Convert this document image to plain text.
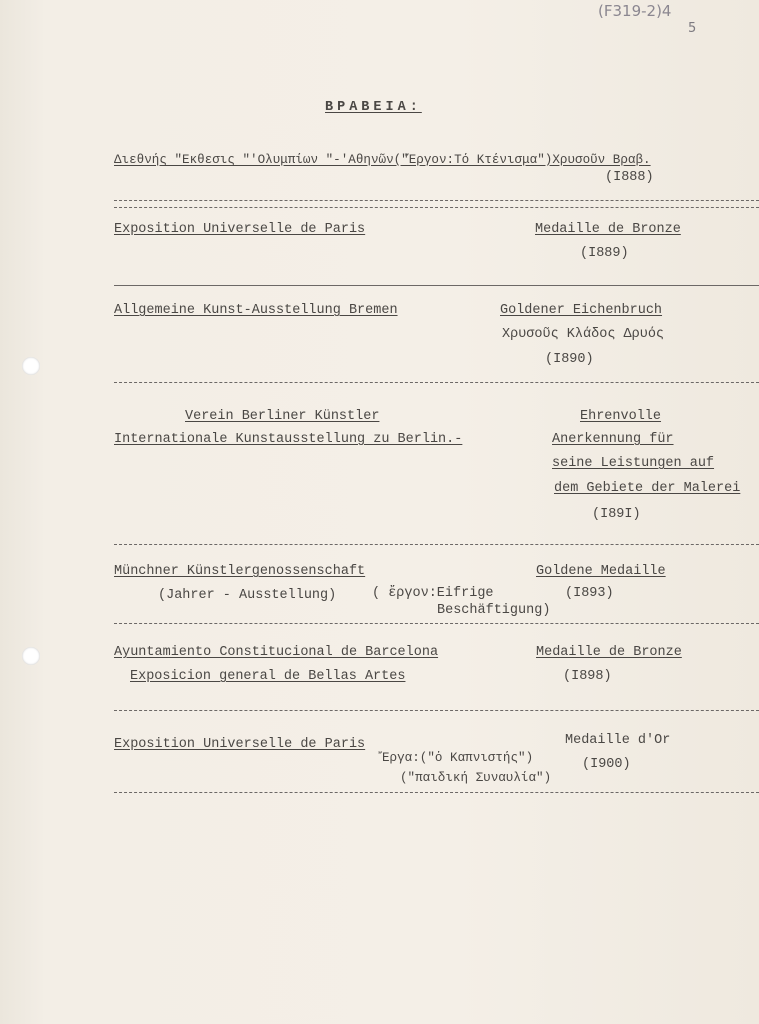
(F319-2)4
5
ΒΡΑΒΕΙΑ:
Διεθνής "Εκθεσις "'Ολυμπίων "-'Αθηνῶν("Ἔργον:Τό Κτένισμα")Χρυσοῦν Βραβ.
(I888)
Exposition Universelle de Paris	Medaille de Bronze
(I889)
Allgemeine Kunst-Ausstellung Bremen	Goldener Eichenbruch
Χρυσοῦς Κλάδος Δρυός
(I890)
Verein Berliner Künstler	Ehrenvolle
Internationale Kunstausstellung zu Berlin.-	Anerkennung für
seine Leistungen auf
dem Gebiete der Malerei
(I89I)
Münchner Künstlergenossenschaft	Goldene Medaille
(Jahrer - Ausstellung)	( ἔργον:Eifrige	(I893)
Beschäftigung)
Ayuntamiento Constitucional de Barcelona	Medaille de Bronze
Exposicion general de Bellas Artes	(I898)
Exposition Universelle de Paris	Medaille d'Or
Ἔργα:("ὁ Καπνιστής")	(I900)
("παιδική Συναυλία")
